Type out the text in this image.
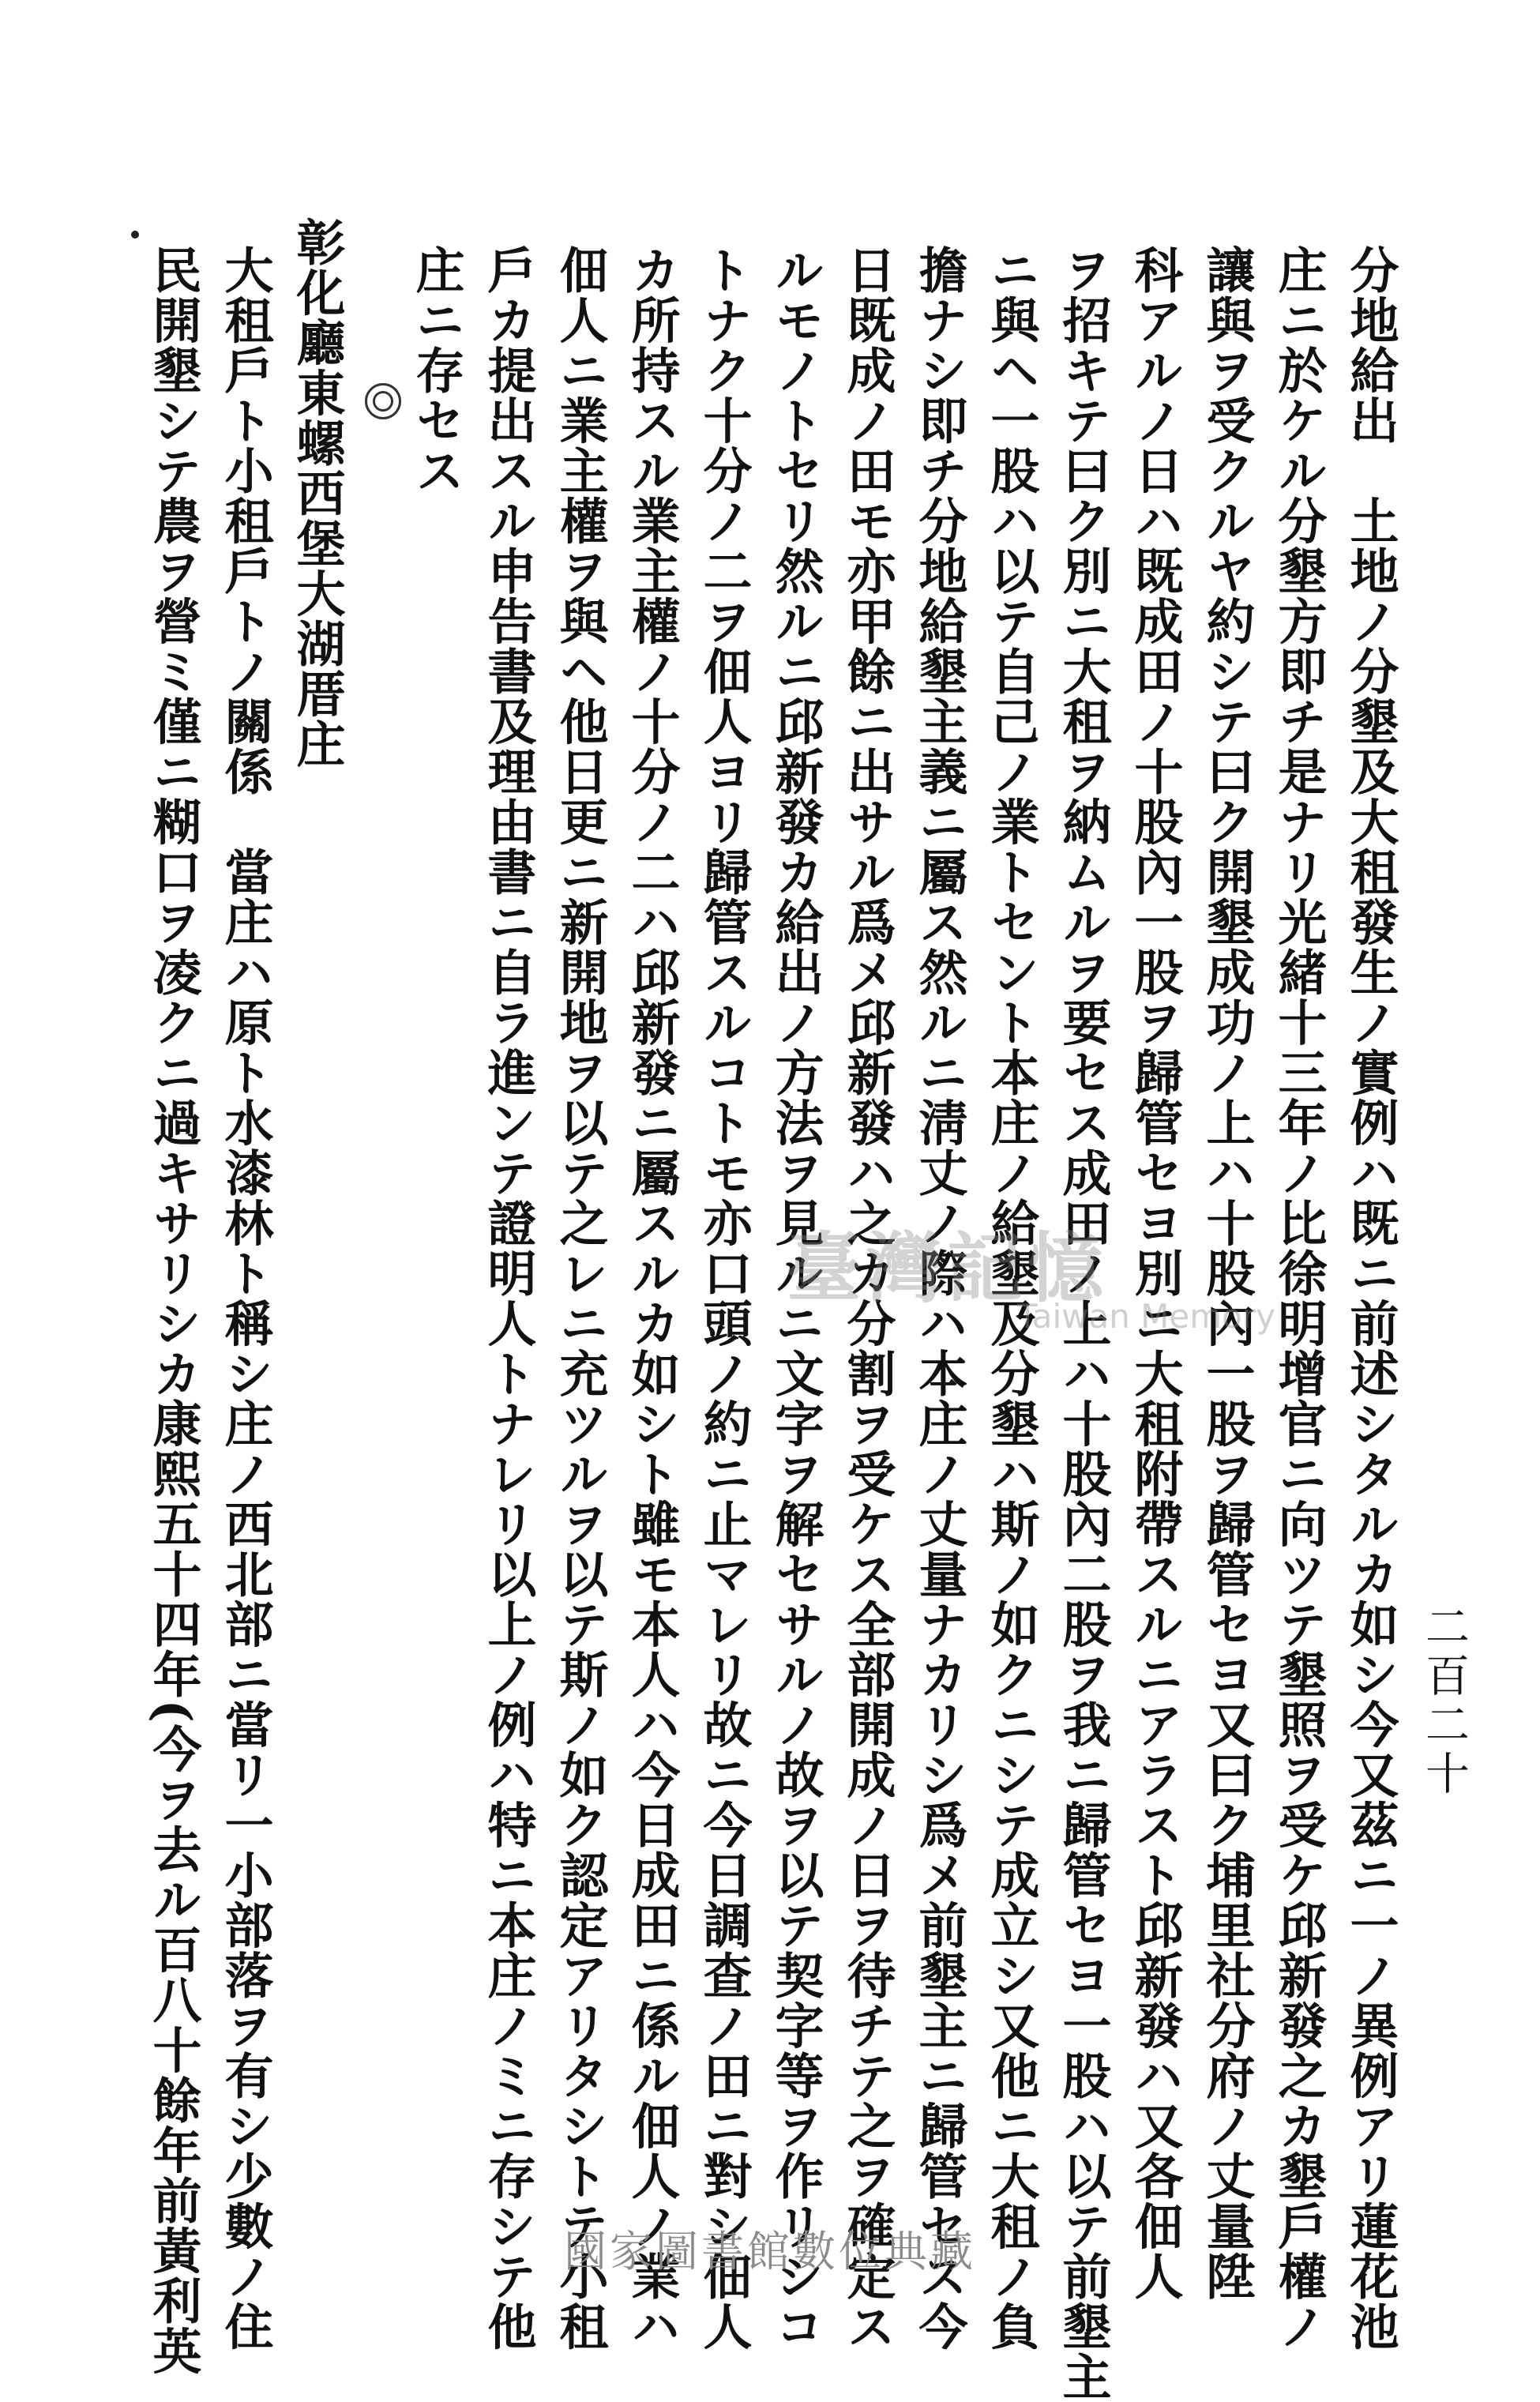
二百二十
分地給出　土地ノ分墾及大租發生ノ實例ハ既ニ前述シタルカ如シ今又茲ニ一ノ異例アリ蓮花池
庄ニ於ケル分墾方即チ是ナリ光緒十三年ノ比徐明增官ニ向ツテ墾照ヲ受ケ邱新發之カ墾戶權ノ
讓與ヲ受クルヤ約シテ曰ク開墾成功ノ上ハ十股內一股ヲ歸管セヨ又曰ク埔里社分府ノ丈量陞
科アルノ日ハ既成田ノ十股內一股ヲ歸管セヨ別ニ大租附帶スルニアラスト邱新發ハ又各佃人
ヲ招キテ曰ク別ニ大租ヲ納ムルヲ要セス成田ノ上ハ十股內二股ヲ我ニ歸管セヨ一股ハ以テ前墾主
ニ與ヘ一股ハ以テ自己ノ業トセント本庄ノ給墾及分墾ハ斯ノ如クニシテ成立シ又他ニ大租ノ負
擔ナシ即チ分地給墾主義ニ屬ス然ルニ淸丈ノ際ハ本庄ノ丈量ナカリシ爲メ前墾主ニ歸管セス今
日既成ノ田モ亦甲餘ニ出サル爲メ邱新發ハ之カ分割ヲ受ケス全部開成ノ日ヲ待チテ之ヲ確定ス
ルモノトセリ然ルニ邱新發カ給出ノ方法ヲ見ルニ文字ヲ解セサルノ故ヲ以テ契字等ヲ作リシコ
トナク十分ノ二ヲ佃人ヨリ歸管スルコトモ亦口頭ノ約ニ止マレリ故ニ今日調查ノ田ニ對シ佃人
カ所持スル業主權ノ十分ノ二ハ邱新發ニ屬スルカ如シト雖モ本人ハ今日成田ニ係ル佃人ノ業ハ
佃人ニ業主權ヲ與ヘ他日更ニ新開地ヲ以テ之レニ充ツルヲ以テ斯ノ如ク認定アリタシトテ小租
戶カ提出スル申告書及理由書ニ自ラ進ンテ證明人トナレリ以上ノ例ハ特ニ本庄ノミニ存シテ他
庄ニ存セス
彰化廳東螺西堡大湖厝庄
大租戶ト小租戶トノ關係　當庄ハ原ト水漆林ト稱シ庄ノ西北部ニ當リ一小部落ヲ有シ少數ノ住
民開墾シテ農ヲ營ミ僅ニ糊口ヲ凌クニ過キサリシカ康熙五十四年(今ヲ去ル百八十餘年前黃利英	臺灣記憶
Taiwan Memory
國家圖書館數位典藏
